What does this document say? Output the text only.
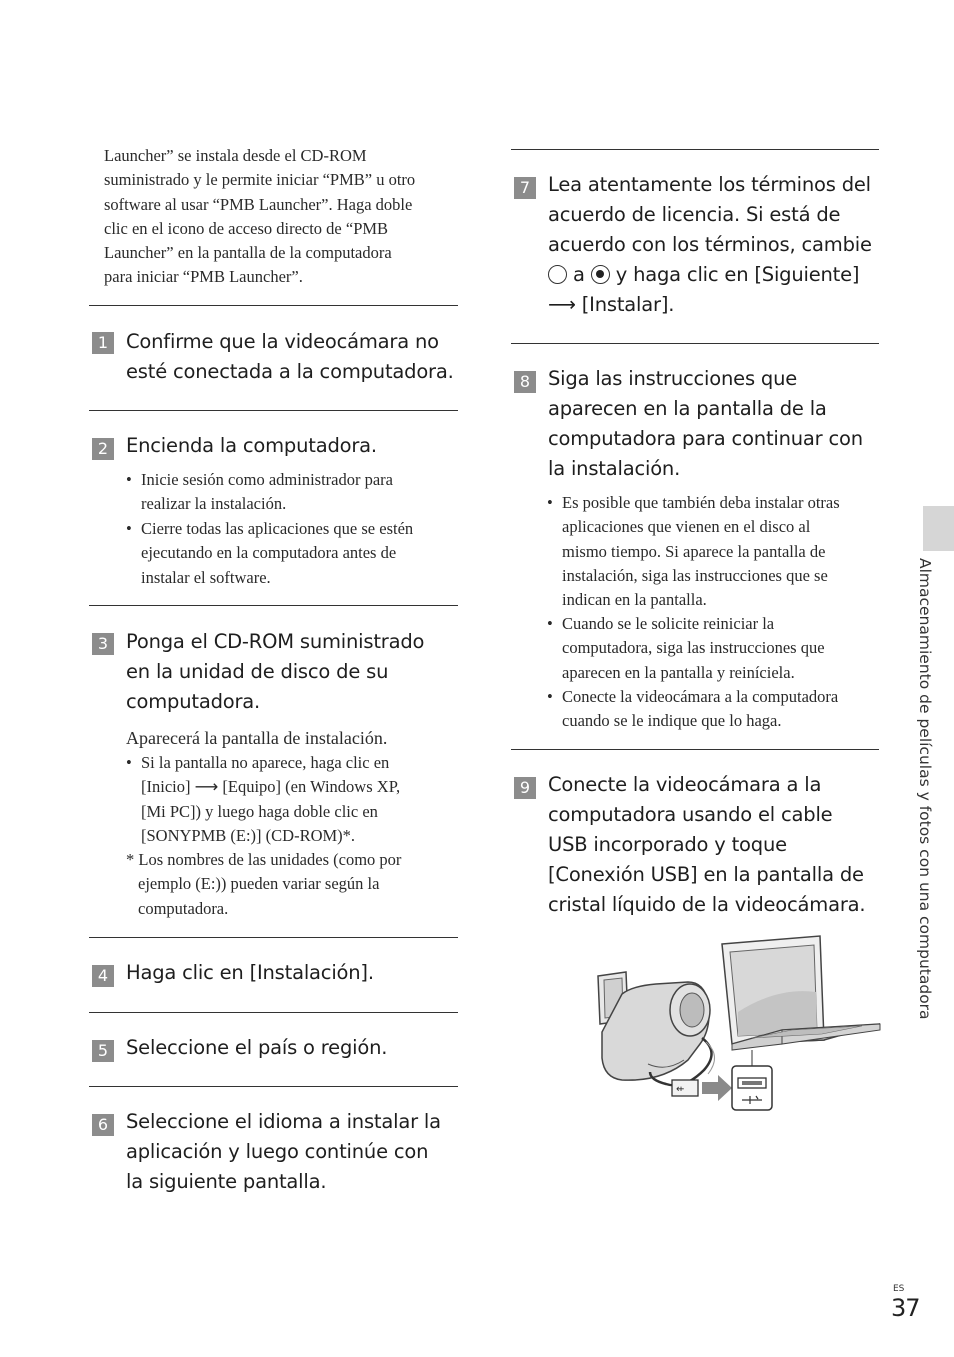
Launcher” se instala desde el CD-ROM
suministrado y le permite iniciar “PMB” u otro
software al usar “PMB Launcher”. Haga doble
clic en el icono de acceso directo de “PMB
Launcher” en la pantalla de la computadora
para iniciar “PMB Launcher”.
1 Confirme que la videocámara no
esté conectada a la computadora.
2 Encienda la computadora.
• Inicie sesión como administrador para
realizar la instalación.
• Cierre todas las aplicaciones que se estén
ejecutando en la computadora antes de
instalar el software.
3 Ponga el CD-ROM suministrado
en la unidad de disco de su
computadora.
Aparecerá la pantalla de instalación.
• Si la pantalla no aparece, haga clic en
[Inicio] ⟶ [Equipo] (en Windows XP,
[Mi PC]) y luego haga doble clic en
[SONYPMB (E:)] (CD-ROM)*.
* Los nombres de las unidades (como por
ejemplo (E:)) pueden variar según la
computadora.
4 Haga clic en [Instalación].
5 Seleccione el país o región.
6 Seleccione el idioma a instalar la
aplicación y luego continúe con
la siguiente pantalla.
7 Lea atentamente los términos del
acuerdo de licencia. Si está de
acuerdo con los términos, cambie
a y haga clic en [Siguiente]
⟶ [Instalar].
8 Siga las instrucciones que
aparecen en la pantalla de la
computadora para continuar con
la instalación.
• Es posible que también deba instalar otras
aplicaciones que vienen en el disco al
mismo tiempo. Si aparece la pantalla de
instalación, siga las instrucciones que se
indican en la pantalla.
• Cuando se le solicite reiniciar la
computadora, siga las instrucciones que
aparecen en la pantalla y reiníciela.
• Conecte la videocámara a la computadora
cuando se le indique que lo haga.
9 Conecte la videocámara a la
computadora usando el cable
USB incorporado y toque
[Conexión USB] en la pantalla de
cristal líquido de la videocámara.
⇷
Almacenamiento de películas y fotos con una computadora
ES
37
